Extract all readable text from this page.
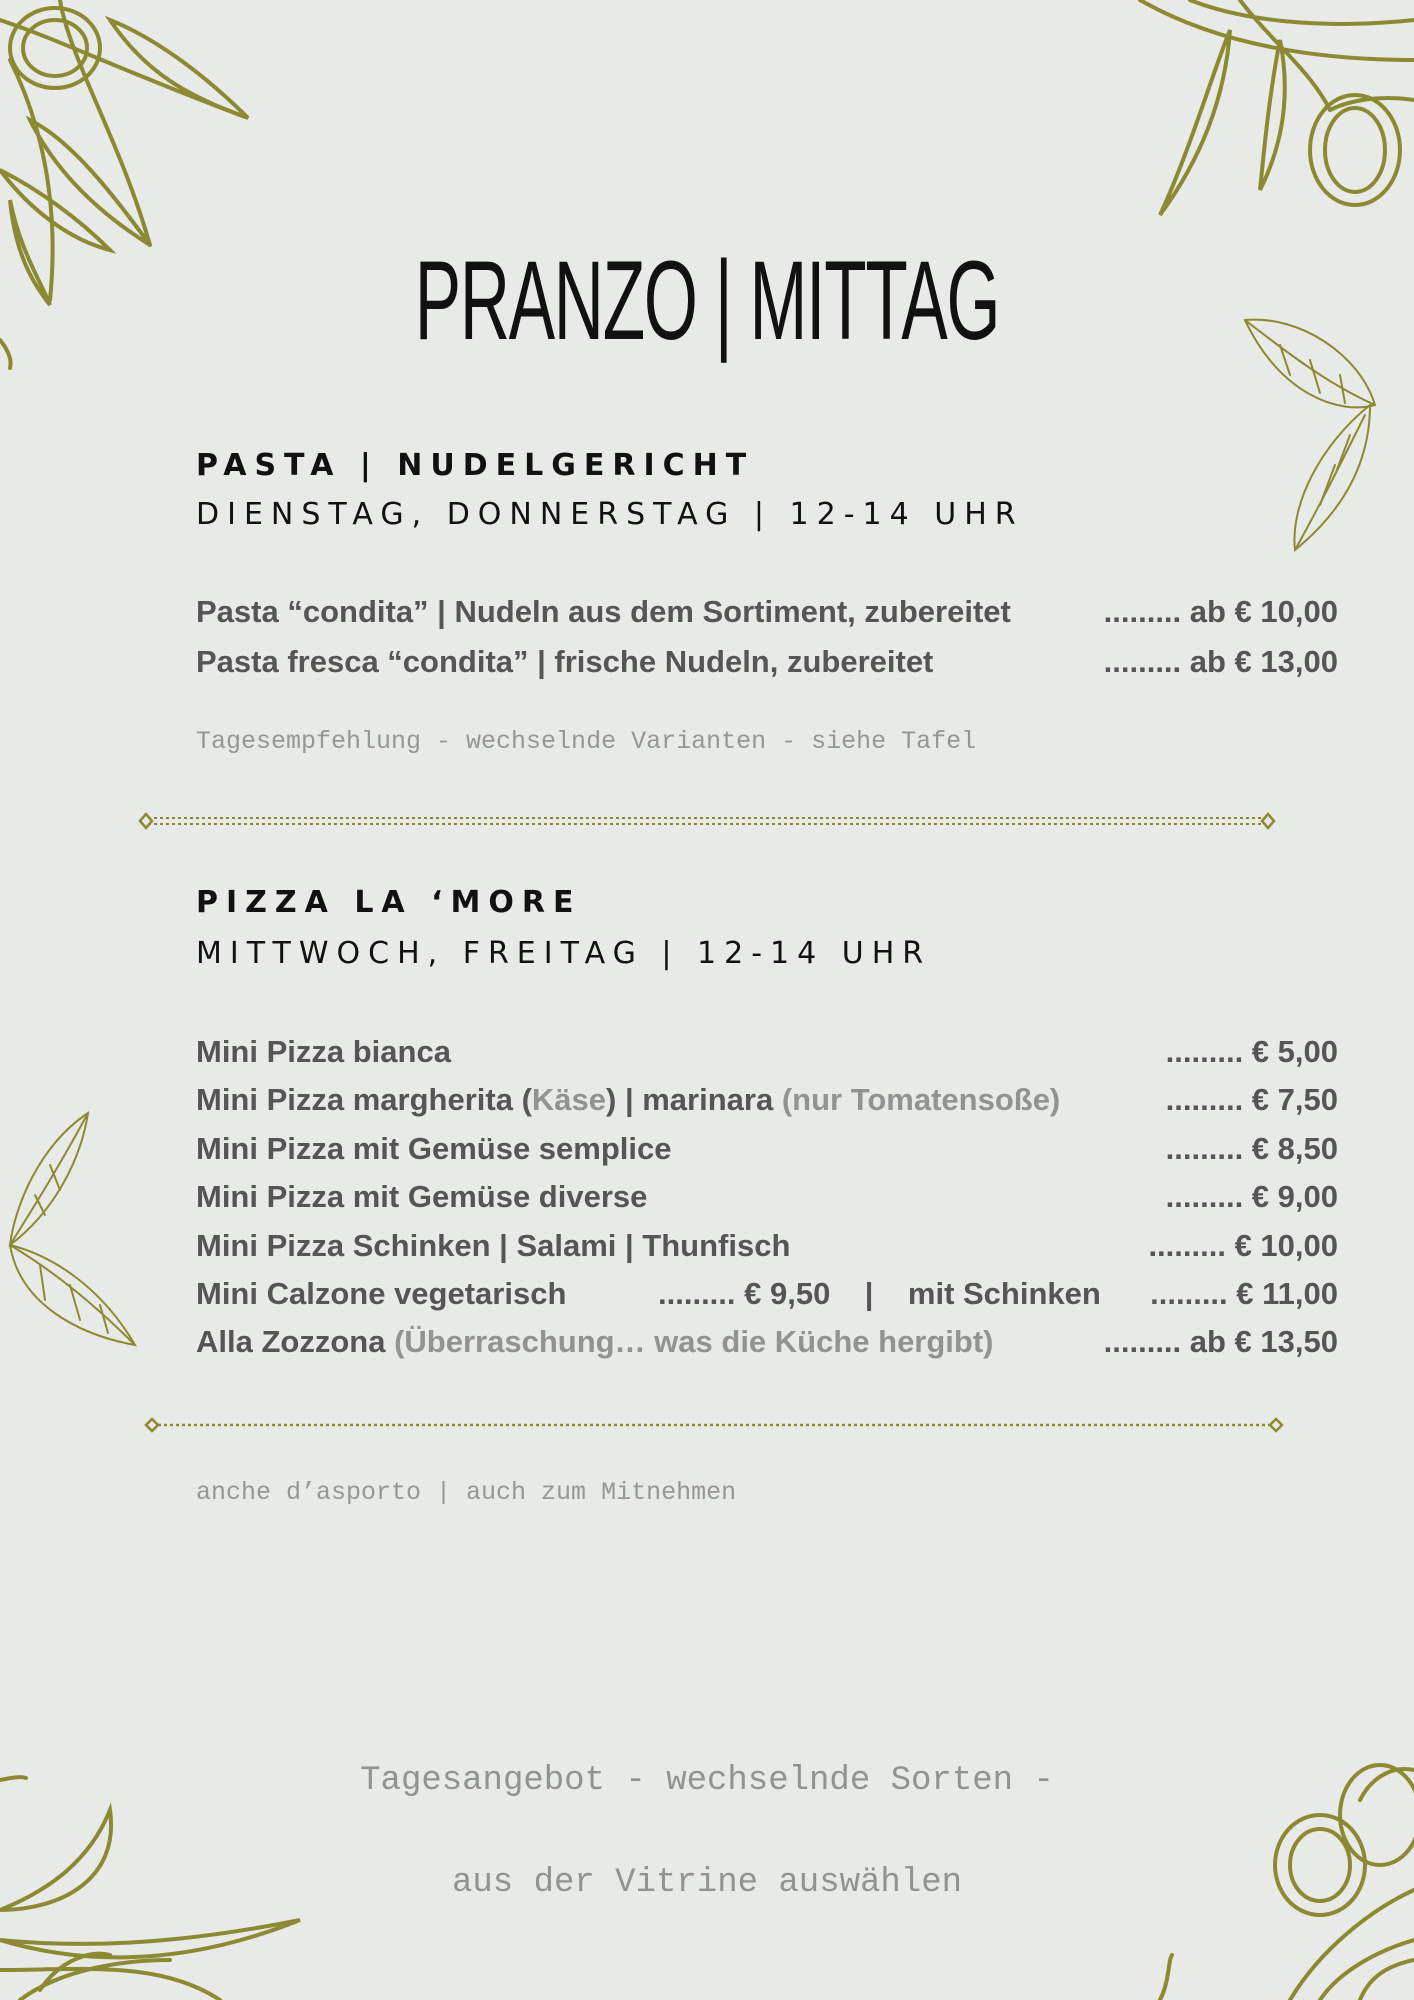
PRANZO | MITTAG
PASTA | NUDELGERICHT
DIENSTAG, DONNERSTAG | 12-14 UHR
Pasta “condita” | Nudeln aus dem Sortiment, zubereitet	......... ab € 10,00
Pasta fresca “condita” | frische Nudeln, zubereitet	......... ab € 13,00

Tagesempfehlung - wechselnde Varianten - siehe Tafel

PIZZA LA ‘MORE
MITTWOCH, FREITAG | 12-14 UHR
Mini Pizza bianca	......... € 5,00
Mini Pizza margherita (Käse) | marinara (nur Tomatensoße)	......... € 7,50
Mini Pizza mit Gemüse semplice	......... € 8,50
Mini Pizza mit Gemüse diverse	......... € 9,00
Mini Pizza Schinken | Salami | Thunfisch	......... € 10,00
Mini Calzone vegetarisch	......... € 9,50    |    mit Schinken ......... € 11,00
Alla Zozzona (Überraschung… was die Küche hergibt)	......... ab € 13,50

anche d’asporto | auch zum Mitnehmen

Tagesangebot - wechselnde Sorten -

aus der Vitrine auswählen
